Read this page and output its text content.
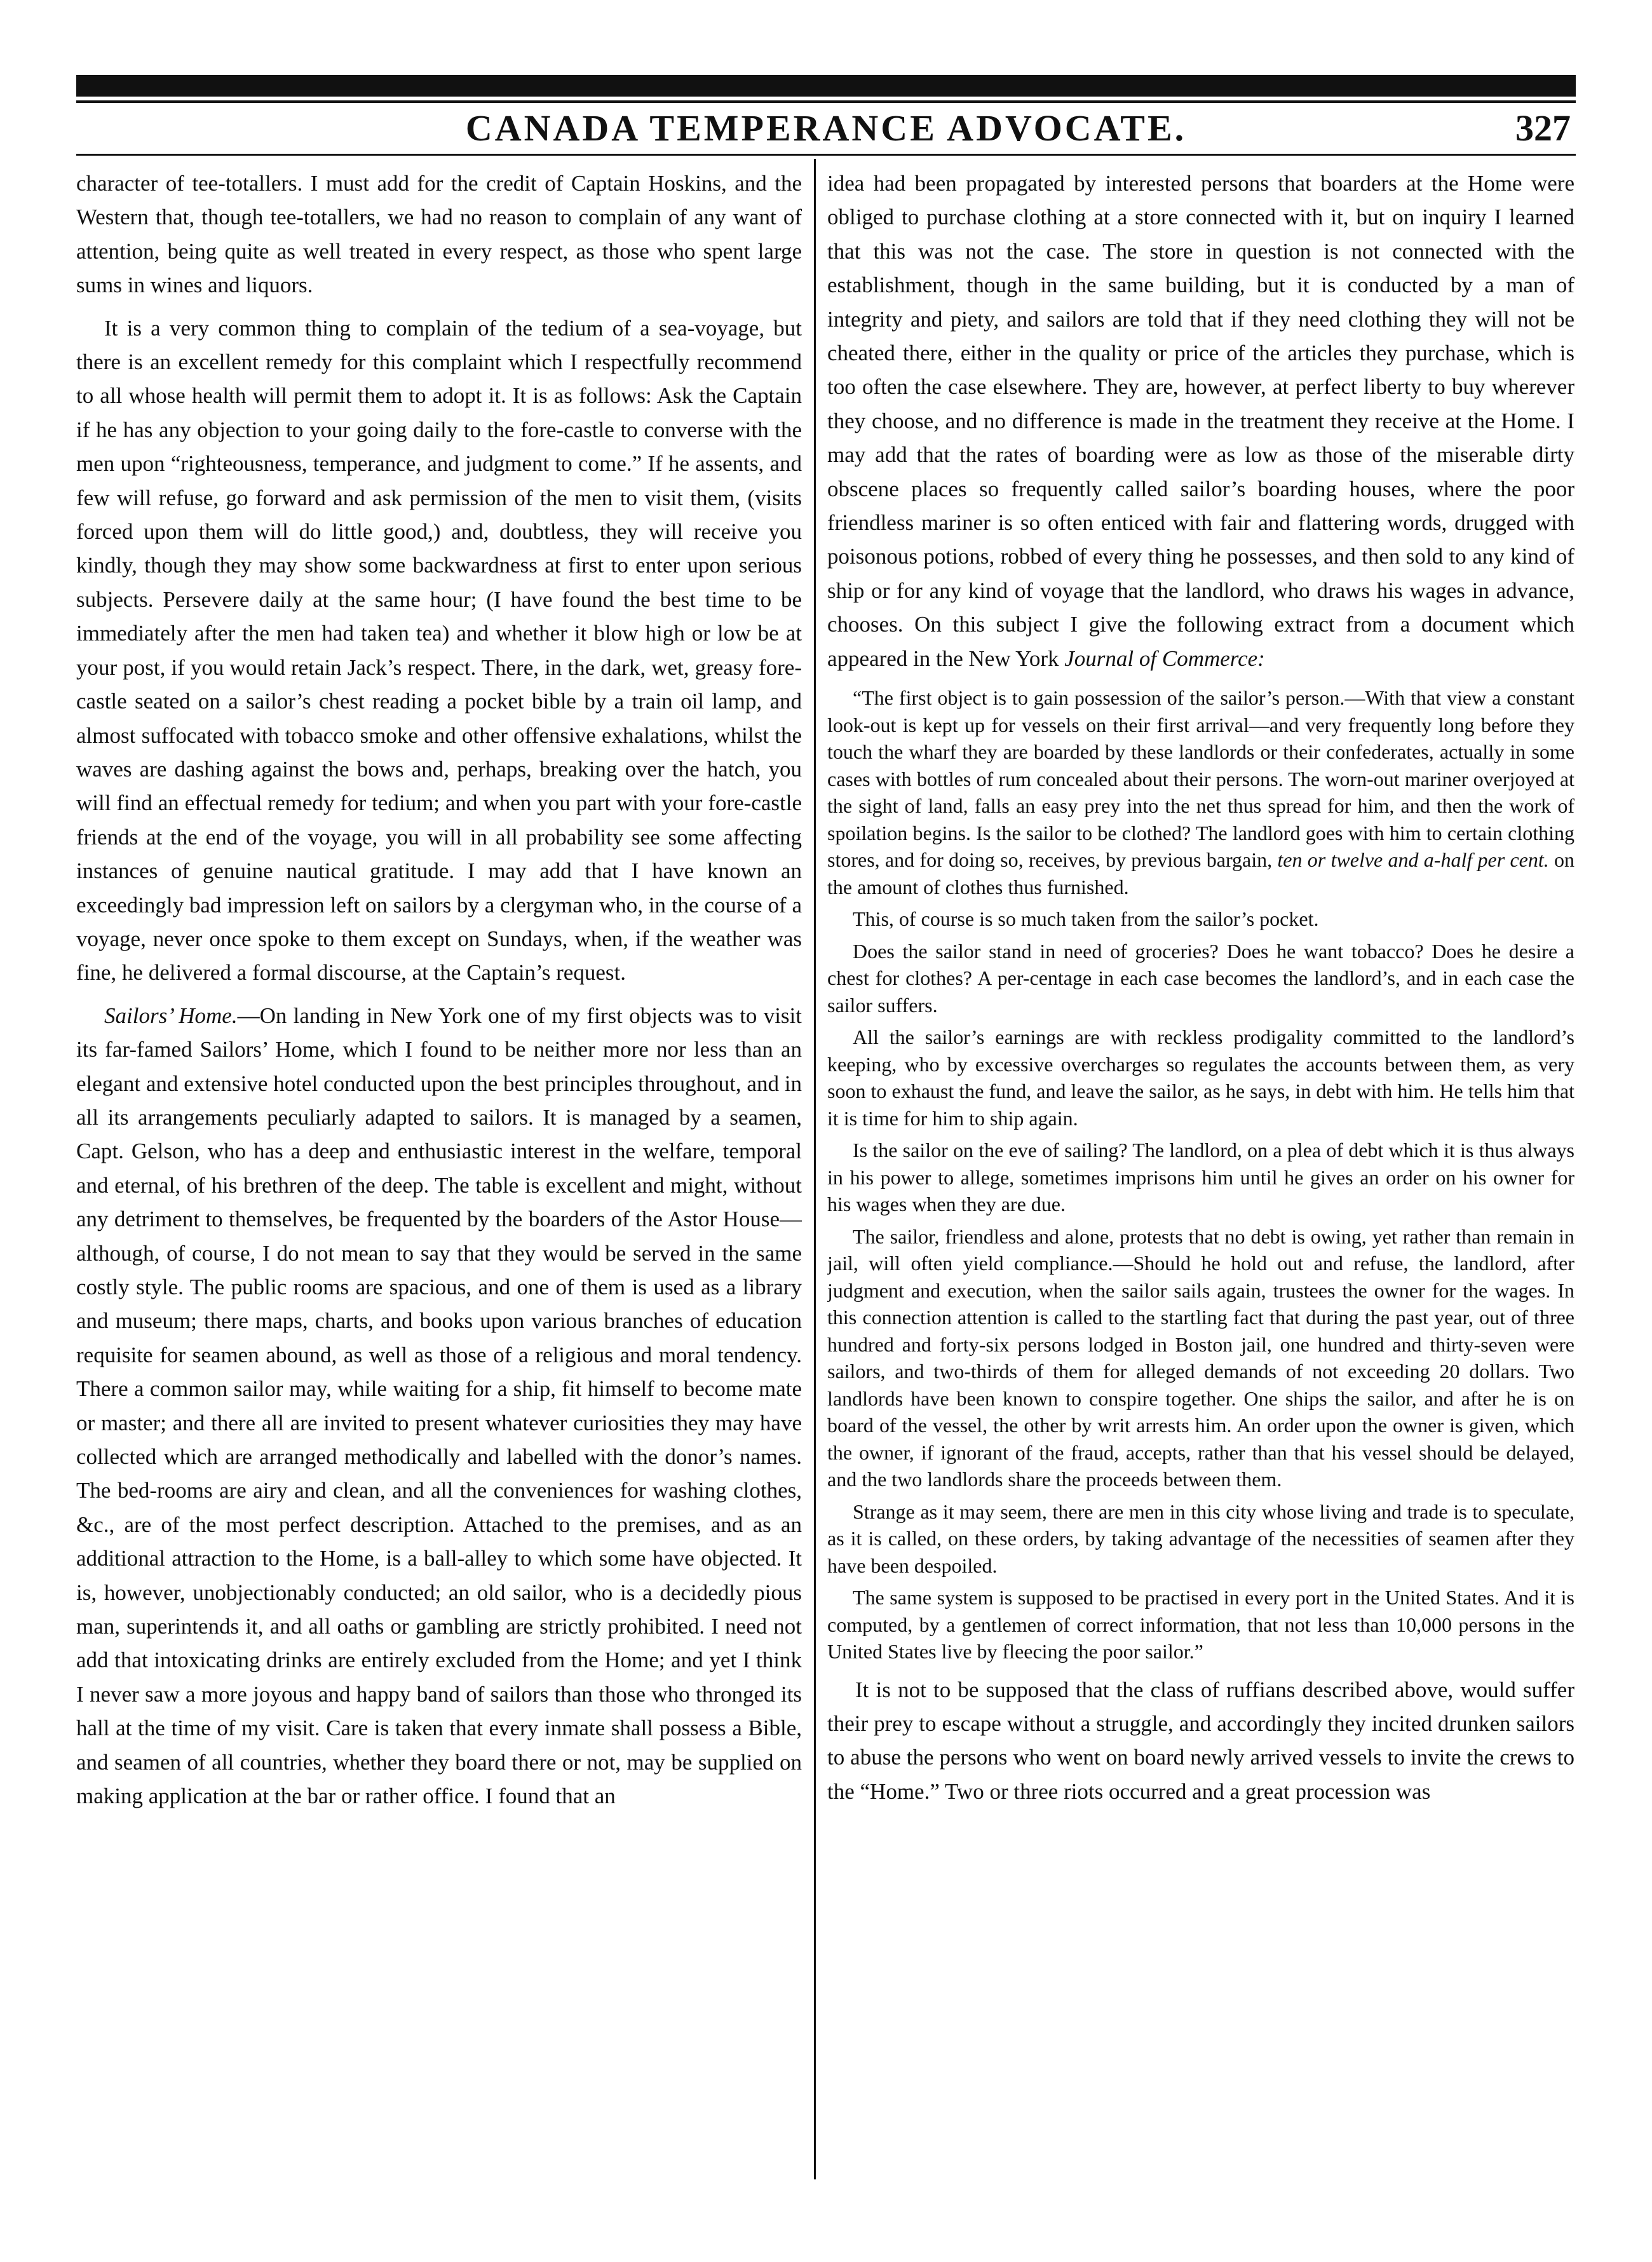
CANADA TEMPERANCE ADVOCATE.	327

character of tee-totallers. I must add for the credit of Captain Hoskins, and the Western that, though tee-totallers, we had no reason to complain of any want of attention, being quite as well treated in every respect, as those who spent large sums in wines and liquors.

It is a very common thing to complain of the tedium of a sea-voyage, but there is an excellent remedy for this complaint which I respectfully recommend to all whose health will permit them to adopt it. It is as follows: Ask the Captain if he has any objection to your going daily to the fore-castle to converse with the men upon “righteousness, temperance, and judgment to come.” If he assents, and few will refuse, go forward and ask permission of the men to visit them, (visits forced upon them will do little good,) and, doubtless, they will receive you kindly, though they may show some backwardness at first to enter upon serious subjects. Persevere daily at the same hour; (I have found the best time to be immediately after the men had taken tea) and whether it blow high or low be at your post, if you would retain Jack’s respect. There, in the dark, wet, greasy fore-castle seated on a sailor’s chest reading a pocket bible by a train oil lamp, and almost suffocated with tobacco smoke and other offensive exhalations, whilst the waves are dashing against the bows and, perhaps, breaking over the hatch, you will find an effectual remedy for tedium; and when you part with your fore-castle friends at the end of the voyage, you will in all probability see some affecting instances of genuine nautical gratitude. I may add that I have known an exceedingly bad impression left on sailors by a clergyman who, in the course of a voyage, never once spoke to them except on Sundays, when, if the weather was fine, he delivered a formal discourse, at the Captain’s request.

Sailors’ Home.—On landing in New York one of my first objects was to visit its far-famed Sailors’ Home, which I found to be neither more nor less than an elegant and extensive hotel conducted upon the best principles throughout, and in all its arrangements peculiarly adapted to sailors. It is managed by a seamen, Capt. Gelson, who has a deep and enthusiastic interest in the welfare, temporal and eternal, of his brethren of the deep. The table is excellent and might, without any detriment to themselves, be frequented by the boarders of the Astor House—although, of course, I do not mean to say that they would be served in the same costly style. The public rooms are spacious, and one of them is used as a library and museum; there maps, charts, and books upon various branches of education requisite for seamen abound, as well as those of a religious and moral tendency. There a common sailor may, while waiting for a ship, fit himself to become mate or master; and there all are invited to present whatever curiosities they may have collected which are arranged methodically and labelled with the donor’s names. The bed-rooms are airy and clean, and all the conveniences for washing clothes, &c., are of the most perfect description. Attached to the premises, and as an additional attraction to the Home, is a ball-alley to which some have objected. It is, however, unobjectionably conducted; an old sailor, who is a decidedly pious man, superintends it, and all oaths or gambling are strictly prohibited. I need not add that intoxicating drinks are entirely excluded from the Home; and yet I think I never saw a more joyous and happy band of sailors than those who thronged its hall at the time of my visit. Care is taken that every inmate shall possess a Bible, and seamen of all countries, whether they board there or not, may be supplied on making application at the bar or rather office. I found that an

idea had been propagated by interested persons that boarders at the Home were obliged to purchase clothing at a store connected with it, but on inquiry I learned that this was not the case. The store in question is not connected with the establishment, though in the same building, but it is conducted by a man of integrity and piety, and sailors are told that if they need clothing they will not be cheated there, either in the quality or price of the articles they purchase, which is too often the case elsewhere. They are, however, at perfect liberty to buy wherever they choose, and no difference is made in the treatment they receive at the Home. I may add that the rates of boarding were as low as those of the miserable dirty obscene places so frequently called sailor’s boarding houses, where the poor friendless mariner is so often enticed with fair and flattering words, drugged with poisonous potions, robbed of every thing he possesses, and then sold to any kind of ship or for any kind of voyage that the landlord, who draws his wages in advance, chooses. On this subject I give the following extract from a document which appeared in the New York Journal of Commerce:

“The first object is to gain possession of the sailor’s person.—With that view a constant look-out is kept up for vessels on their first arrival—and very frequently long before they touch the wharf they are boarded by these landlords or their confederates, actually in some cases with bottles of rum concealed about their persons. The worn-out mariner overjoyed at the sight of land, falls an easy prey into the net thus spread for him, and then the work of spoilation begins. Is the sailor to be clothed? The landlord goes with him to certain clothing stores, and for doing so, receives, by previous bargain, ten or twelve and a-half per cent. on the amount of clothes thus furnished.

This, of course is so much taken from the sailor’s pocket.

Does the sailor stand in need of groceries? Does he want tobacco? Does he desire a chest for clothes? A per-centage in each case becomes the landlord’s, and in each case the sailor suffers.

All the sailor’s earnings are with reckless prodigality committed to the landlord’s keeping, who by excessive overcharges so regulates the accounts between them, as very soon to exhaust the fund, and leave the sailor, as he says, in debt with him. He tells him that it is time for him to ship again.

Is the sailor on the eve of sailing? The landlord, on a plea of debt which it is thus always in his power to allege, sometimes imprisons him until he gives an order on his owner for his wages when they are due.

The sailor, friendless and alone, protests that no debt is owing, yet rather than remain in jail, will often yield compliance.—Should he hold out and refuse, the landlord, after judgment and execution, when the sailor sails again, trustees the owner for the wages. In this connection attention is called to the startling fact that during the past year, out of three hundred and forty-six persons lodged in Boston jail, one hundred and thirty-seven were sailors, and two-thirds of them for alleged demands of not exceeding 20 dollars. Two landlords have been known to conspire together. One ships the sailor, and after he is on board of the vessel, the other by writ arrests him. An order upon the owner is given, which the owner, if ignorant of the fraud, accepts, rather than that his vessel should be delayed, and the two landlords share the proceeds between them.

Strange as it may seem, there are men in this city whose living and trade is to speculate, as it is called, on these orders, by taking advantage of the necessities of seamen after they have been despoiled.

The same system is supposed to be practised in every port in the United States. And it is computed, by a gentlemen of correct information, that not less than 10,000 persons in the United States live by fleecing the poor sailor.”

It is not to be supposed that the class of ruffians described above, would suffer their prey to escape without a struggle, and accordingly they incited drunken sailors to abuse the persons who went on board newly arrived vessels to invite the crews to the “Home.” Two or three riots occurred and a great procession was
